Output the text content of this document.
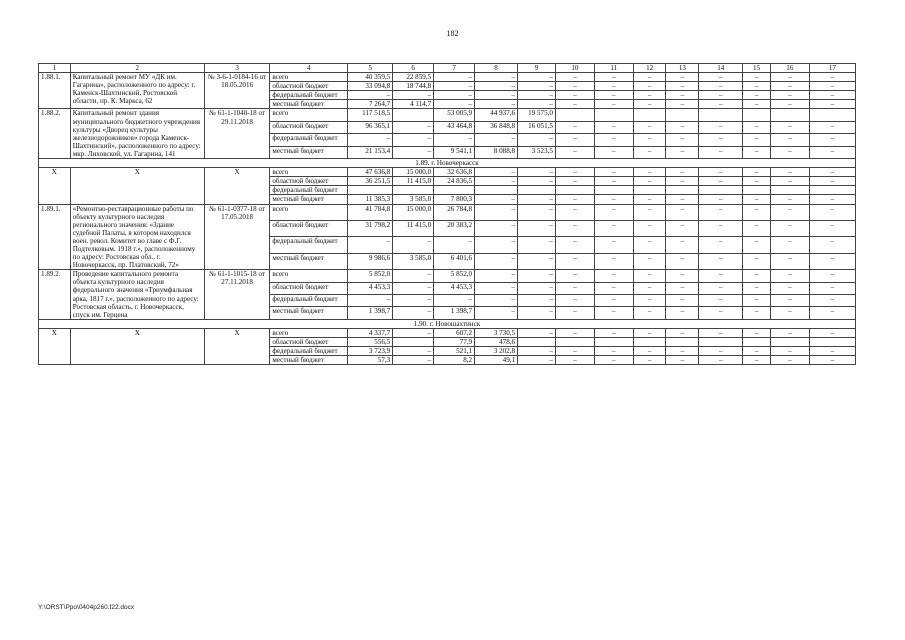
182
1	2	3	4	5	6	7	8	9	10	11	12	13	14	15	16	17
1.88.1.	Капитальный ремонт МУ «ДК им. Гагарина», расположенного по адресу: г. Каменск-Шахтинский, Ростовской области, пр. К. Маркса, 62	№ 3-6-1-0184-16 от 18.05.2016	всего	40 359,5	22 859,5	–	–	–	–	–	–	–	–	–	–	–
			областной бюджет	33 094,8	18 744,8	–	–	–	–	–	–	–	–	–	–	–
			федеральный бюджет	–	–	–	–	–	–	–	–	–	–	–	–	–
			местный бюджет	7 264,7	4 114,7	–	–	–	–	–	–	–	–	–	–	–
1.88.2.	Капитальный ремонт здания муниципального бюджетного учреждения культуры «Дворец культуры железнодорожников» города Каменск-Шахтинский», расположенного по адресу: мкр. Лиховской, ул. Гагарина, 141	№ 61-1-1040-18 от 29.11.2018	всего	117 518,5		53 005,9	44 937,6	19 575,0								
			областной бюджет	96 365,1	–	43 464,8	36 848,8	16 051,5	–	–	–	–	–	–	–	–
			федеральный бюджет	–	–	–	–	–	–	–	–	–	–	–	–	–
			местный бюджет	21 153,4	–	9 541,1	8 088,8	3 523,5	–	–	–	–	–	–	–	–
1.89. г. Новочеркасск																
Х	Х	Х	всего	47 636,8	15 000,0	32 636,8	–	–	–	–	–	–	–	–	–	–
			областной бюджет	36 251,5	11 415,0	24 836,5	–	–	–	–	–	–	–	–	–	–
			федеральный бюджет													
			местный бюджет	11 385,3	3 585,0	7 800,3	–	–	–	–	–	–	–	–	–	–
1.89.1.	«Ремонтно-реставрационные работы по объекту культурного наследия регионального значения: «Здание судебной Палаты, в котором находился воен. револ. Комитет во главе с Ф.Г. Подтелковым. 1918 г.», расположенному по адресу: Ростовская обл., г. Новочеркасск, пр. Платовский, 72»	№ 61-1-0377-18 от 17.05.2018	всего	41 784,8	15 000,0	26 784,8	–	–	–	–	–	–	–	–	–	–
			областной бюджет	31 798,2	11 415,0	20 383,2	–	–	–	–	–	–	–	–	–	–
			федеральный бюджет	–	–	–	–	–	–	–	–	–	–	–	–	–
			местный бюджет	9 986,6	3 585,0	6 401,6	–	–	–	–	–	–	–	–	–	–
1.89.2.	Проведение капитального ремонта объекта культурного наследия федерального значения «Триумфальная арка, 1817 г.», расположенного по адресу: Ростовская область, г. Новочеркасск, спуск им. Герцена	№ 61-1-1015-18 от 27.11.2018	всего	5 852,0	–	5 852,0	–	–	–	–	–	–	–	–	–	–
			областной бюджет	4 453,3	–	4 453,3	–	–	–	–	–	–	–	–	–	–
			федеральный бюджет	–	–	–	–	–	–	–	–	–	–	–	–	–
			местный бюджет	1 398,7	–	1 398,7	–	–	–	–	–	–	–	–	–	–
1.90. г. Новошахтинск																
Х	Х	Х	всего	4 337,7	–	607,2	3 730,5	–	–	–	–	–	–	–	–	–
			областной бюджет	556,5		77,9	478,6									
			федеральный бюджет	3 723,9	–	521,1	3 202,8	–	–	–	–	–	–	–	–	–
			местный бюджет	57,3	–	8,2	49,1	–	–	–	–	–	–	–	–	–
Y:\ORST\Ppo\0404p260.f22.docx
